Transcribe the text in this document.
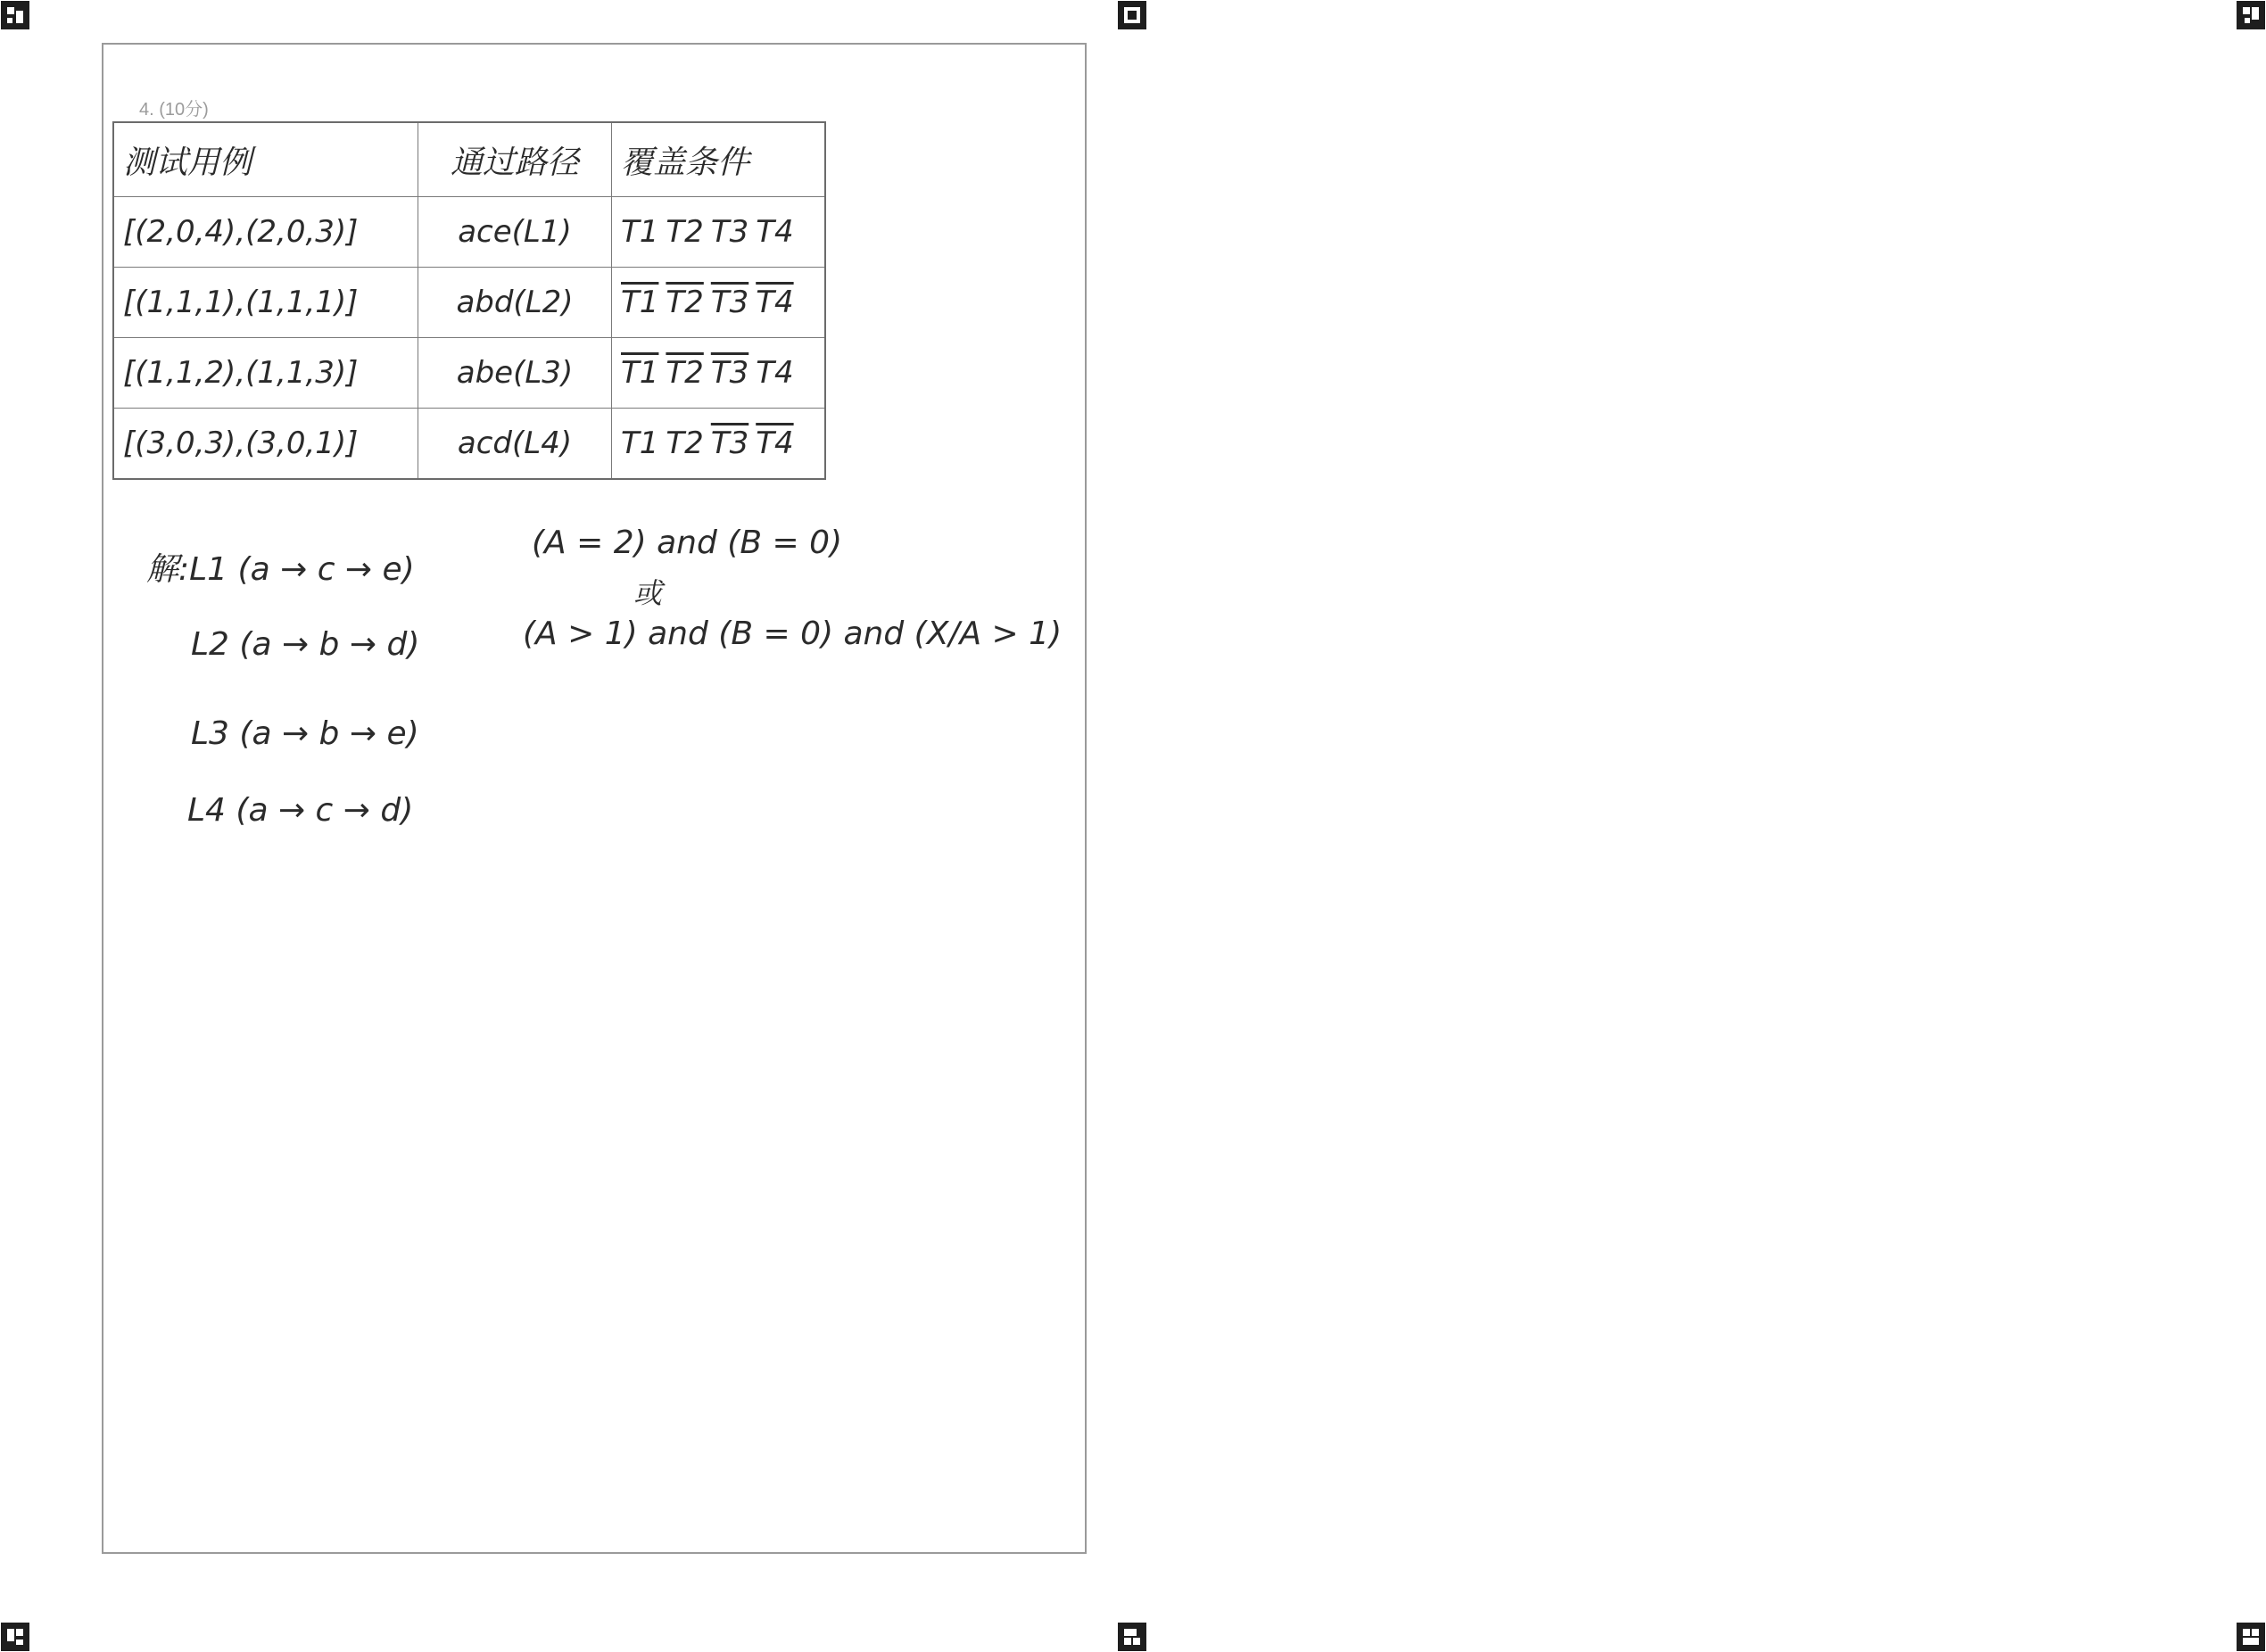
4. (10分)
测试用例	通过路径	覆盖条件
[(2,0,4),(2,0,3)]	ace(L1)	T1 T2 T3 T4
[(1,1,1),(1,1,1)]	abd(L2)	T1 T2 T3 T4
[(1,1,2),(1,1,3)]	abe(L3)	T1 T2 T3 T4
[(3,0,3),(3,0,1)]	acd(L4)	T1 T2 T3 T4
解:L1 (a → c → e)
(A = 2) and (B = 0)
或
L2 (a → b → d)	(A > 1) and (B = 0) and (X/A > 1)
L3 (a → b → e)
L4 (a → c → d)
